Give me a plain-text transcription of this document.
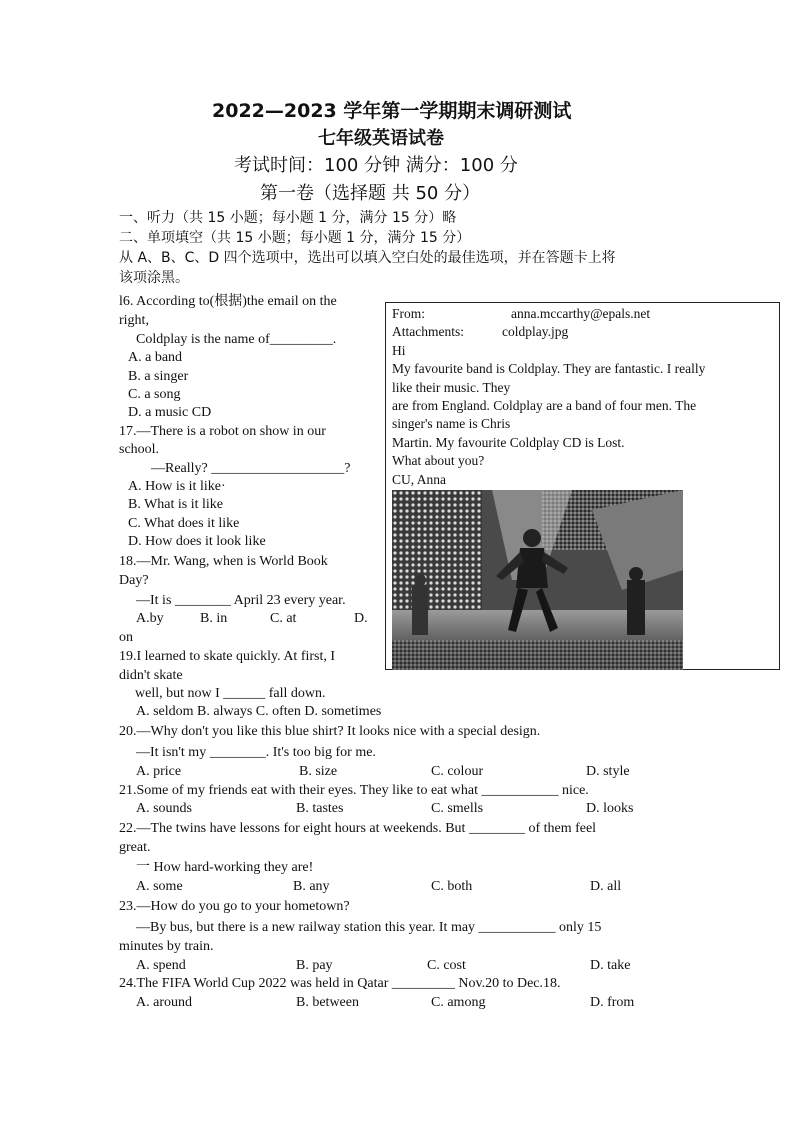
2022—2023 学年第一学期期末调研测试
七年级英语试卷
考试时间：100 分钟 满分：100 分
第一卷（选择题 共 50 分）
一、听力（共 15 小题；每小题 1 分，满分 15 分）略
二、单项填空（共 15 小题；每小题 1 分，满分 15 分）
从 A、B、C、D 四个选项中，选出可以填入空白处的最佳选项，并在答题卡上将
该项涂黑。
From:	anna.mccarthy@epals.net
Attachments:	coldplay.jpg
Hi
My favourite band is Coldplay. They are fantastic. I really
like their music. They
are from England. Coldplay are a band of four men. The
singer's name is Chris
Martin. My favourite Coldplay CD is Lost.
What about you?
CU, Anna
l6. According to(根据)the email on the
right,
Coldplay is the name of_________.
A. a band
B. a singer
C. a song
D. a music CD
17.—There is a robot on show in our
school.
—Really? ___________________?
A. How is it like·
B. What is it like
C. What does it like
D. How does it look like
18.—Mr. Wang, when is World Book
Day?
—It is ________ April 23 every year.
A.by	B. in	C. at	D.
on
19.I learned to skate quickly. At first, I
didn't skate
well, but now I ______ fall down.
A. seldom B. always C. often D. sometimes
20.—Why don't you like this blue shirt? It looks nice with a special design.
—It isn't my ________. It's too big for me.
A. price	B. size	C. colour	D. style
21.Some of my friends eat with their eyes. They like to eat what ___________ nice.
A. sounds	B. tastes	C. smells	D. looks
22.—The twins have lessons for eight hours at weekends. But ________ of them feel
great.
一 How hard-working they are!
A. some	B. any	C. both	D. all
23.—How do you go to your hometown?
—By bus, but there is a new railway station this year. It may ___________ only 15
minutes by train.
A. spend	B. pay	C. cost	D. take
24.The FIFA World Cup 2022 was held in Qatar _________ Nov.20 to Dec.18.
A. around	B. between	C. among	D. from
